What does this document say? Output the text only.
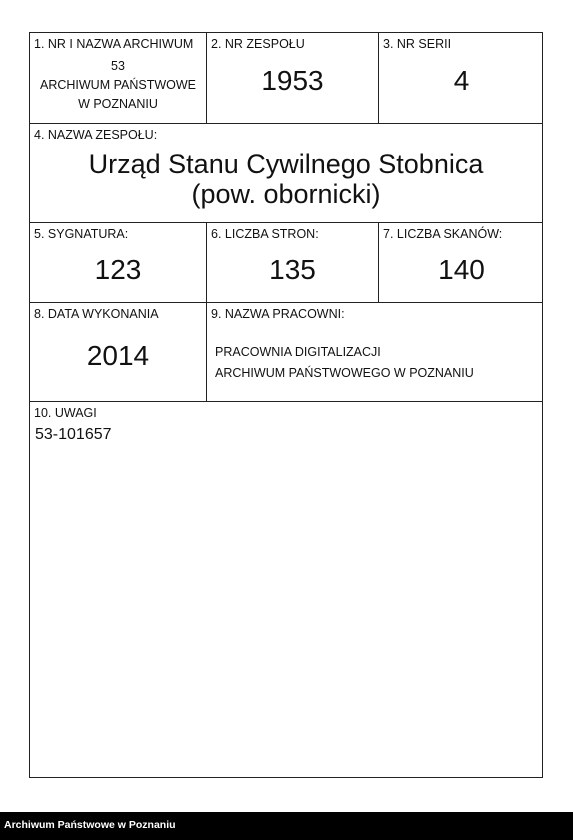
1. NR I NAZWA ARCHIWUM
53
ARCHIWUM PAŃSTWOWE
W POZNANIU
2. NR ZESPOŁU
1953
3. NR SERII
4
4. NAZWA ZESPOŁU:
Urząd Stanu Cywilnego Stobnica
(pow. obornicki)
5. SYGNATURA:
123
6. LICZBA STRON:
135
7. LICZBA SKANÓW:
140
8. DATA WYKONANIA
2014
9. NAZWA PRACOWNI:
PRACOWNIA DIGITALIZACJI
ARCHIWUM PAŃSTWOWEGO W POZNANIU
10. UWAGI
53-101657
Archiwum Państwowe w Poznaniu
